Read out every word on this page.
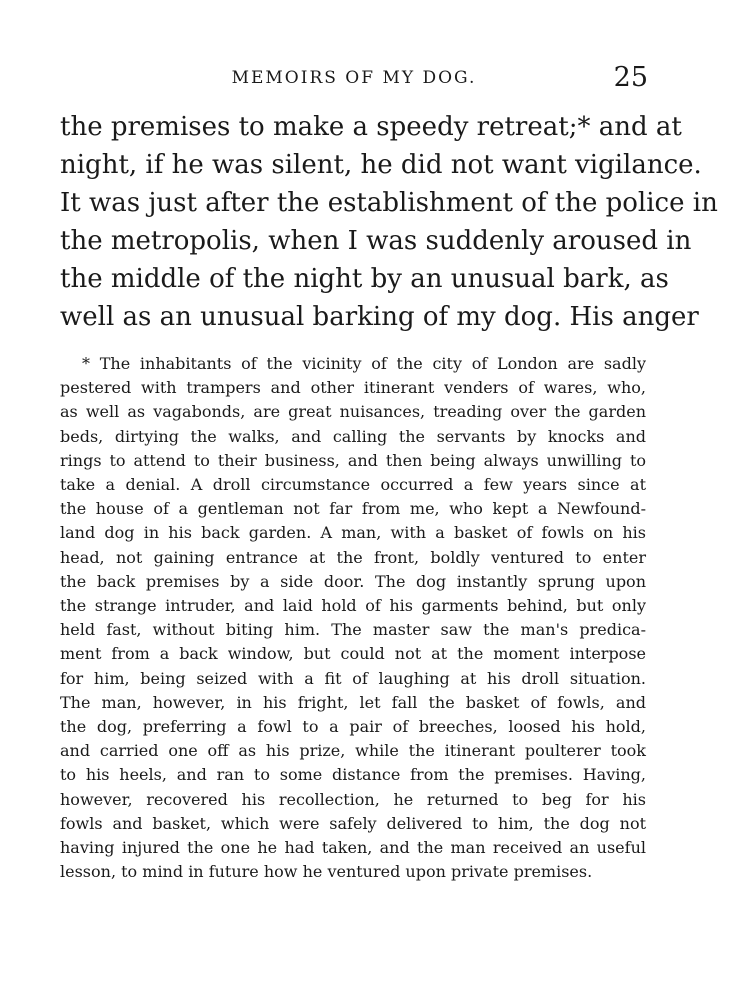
MEMOIRS OF MY DOG.	25

the premises to make a speedy retreat;* and at
night, if he was silent, he did not want vigilance.
It was just after the establishment of the police in
the metropolis, when I was suddenly aroused in
the middle of the night by an unusual bark, as
well as an unusual barking of my dog. His anger

* The inhabitants of the vicinity of the city of London are sadly
pestered with trampers and other itinerant venders of wares, who,
as well as vagabonds, are great nuisances, treading over the garden
beds, dirtying the walks, and calling the servants by knocks and
rings to attend to their business, and then being always unwilling to
take a denial. A droll circumstance occurred a few years since at
the house of a gentleman not far from me, who kept a Newfound-
land dog in his back garden. A man, with a basket of fowls on his
head, not gaining entrance at the front, boldly ventured to enter
the back premises by a side door. The dog instantly sprung upon
the strange intruder, and laid hold of his garments behind, but only
held fast, without biting him. The master saw the man's predica-
ment from a back window, but could not at the moment interpose
for him, being seized with a fit of laughing at his droll situation.
The man, however, in his fright, let fall the basket of fowls, and
the dog, preferring a fowl to a pair of breeches, loosed his hold,
and carried one off as his prize, while the itinerant poulterer took
to his heels, and ran to some distance from the premises. Having,
however, recovered his recollection, he returned to beg for his
fowls and basket, which were safely delivered to him, the dog not
having injured the one he had taken, and the man received an useful
lesson, to mind in future how he ventured upon private premises.
